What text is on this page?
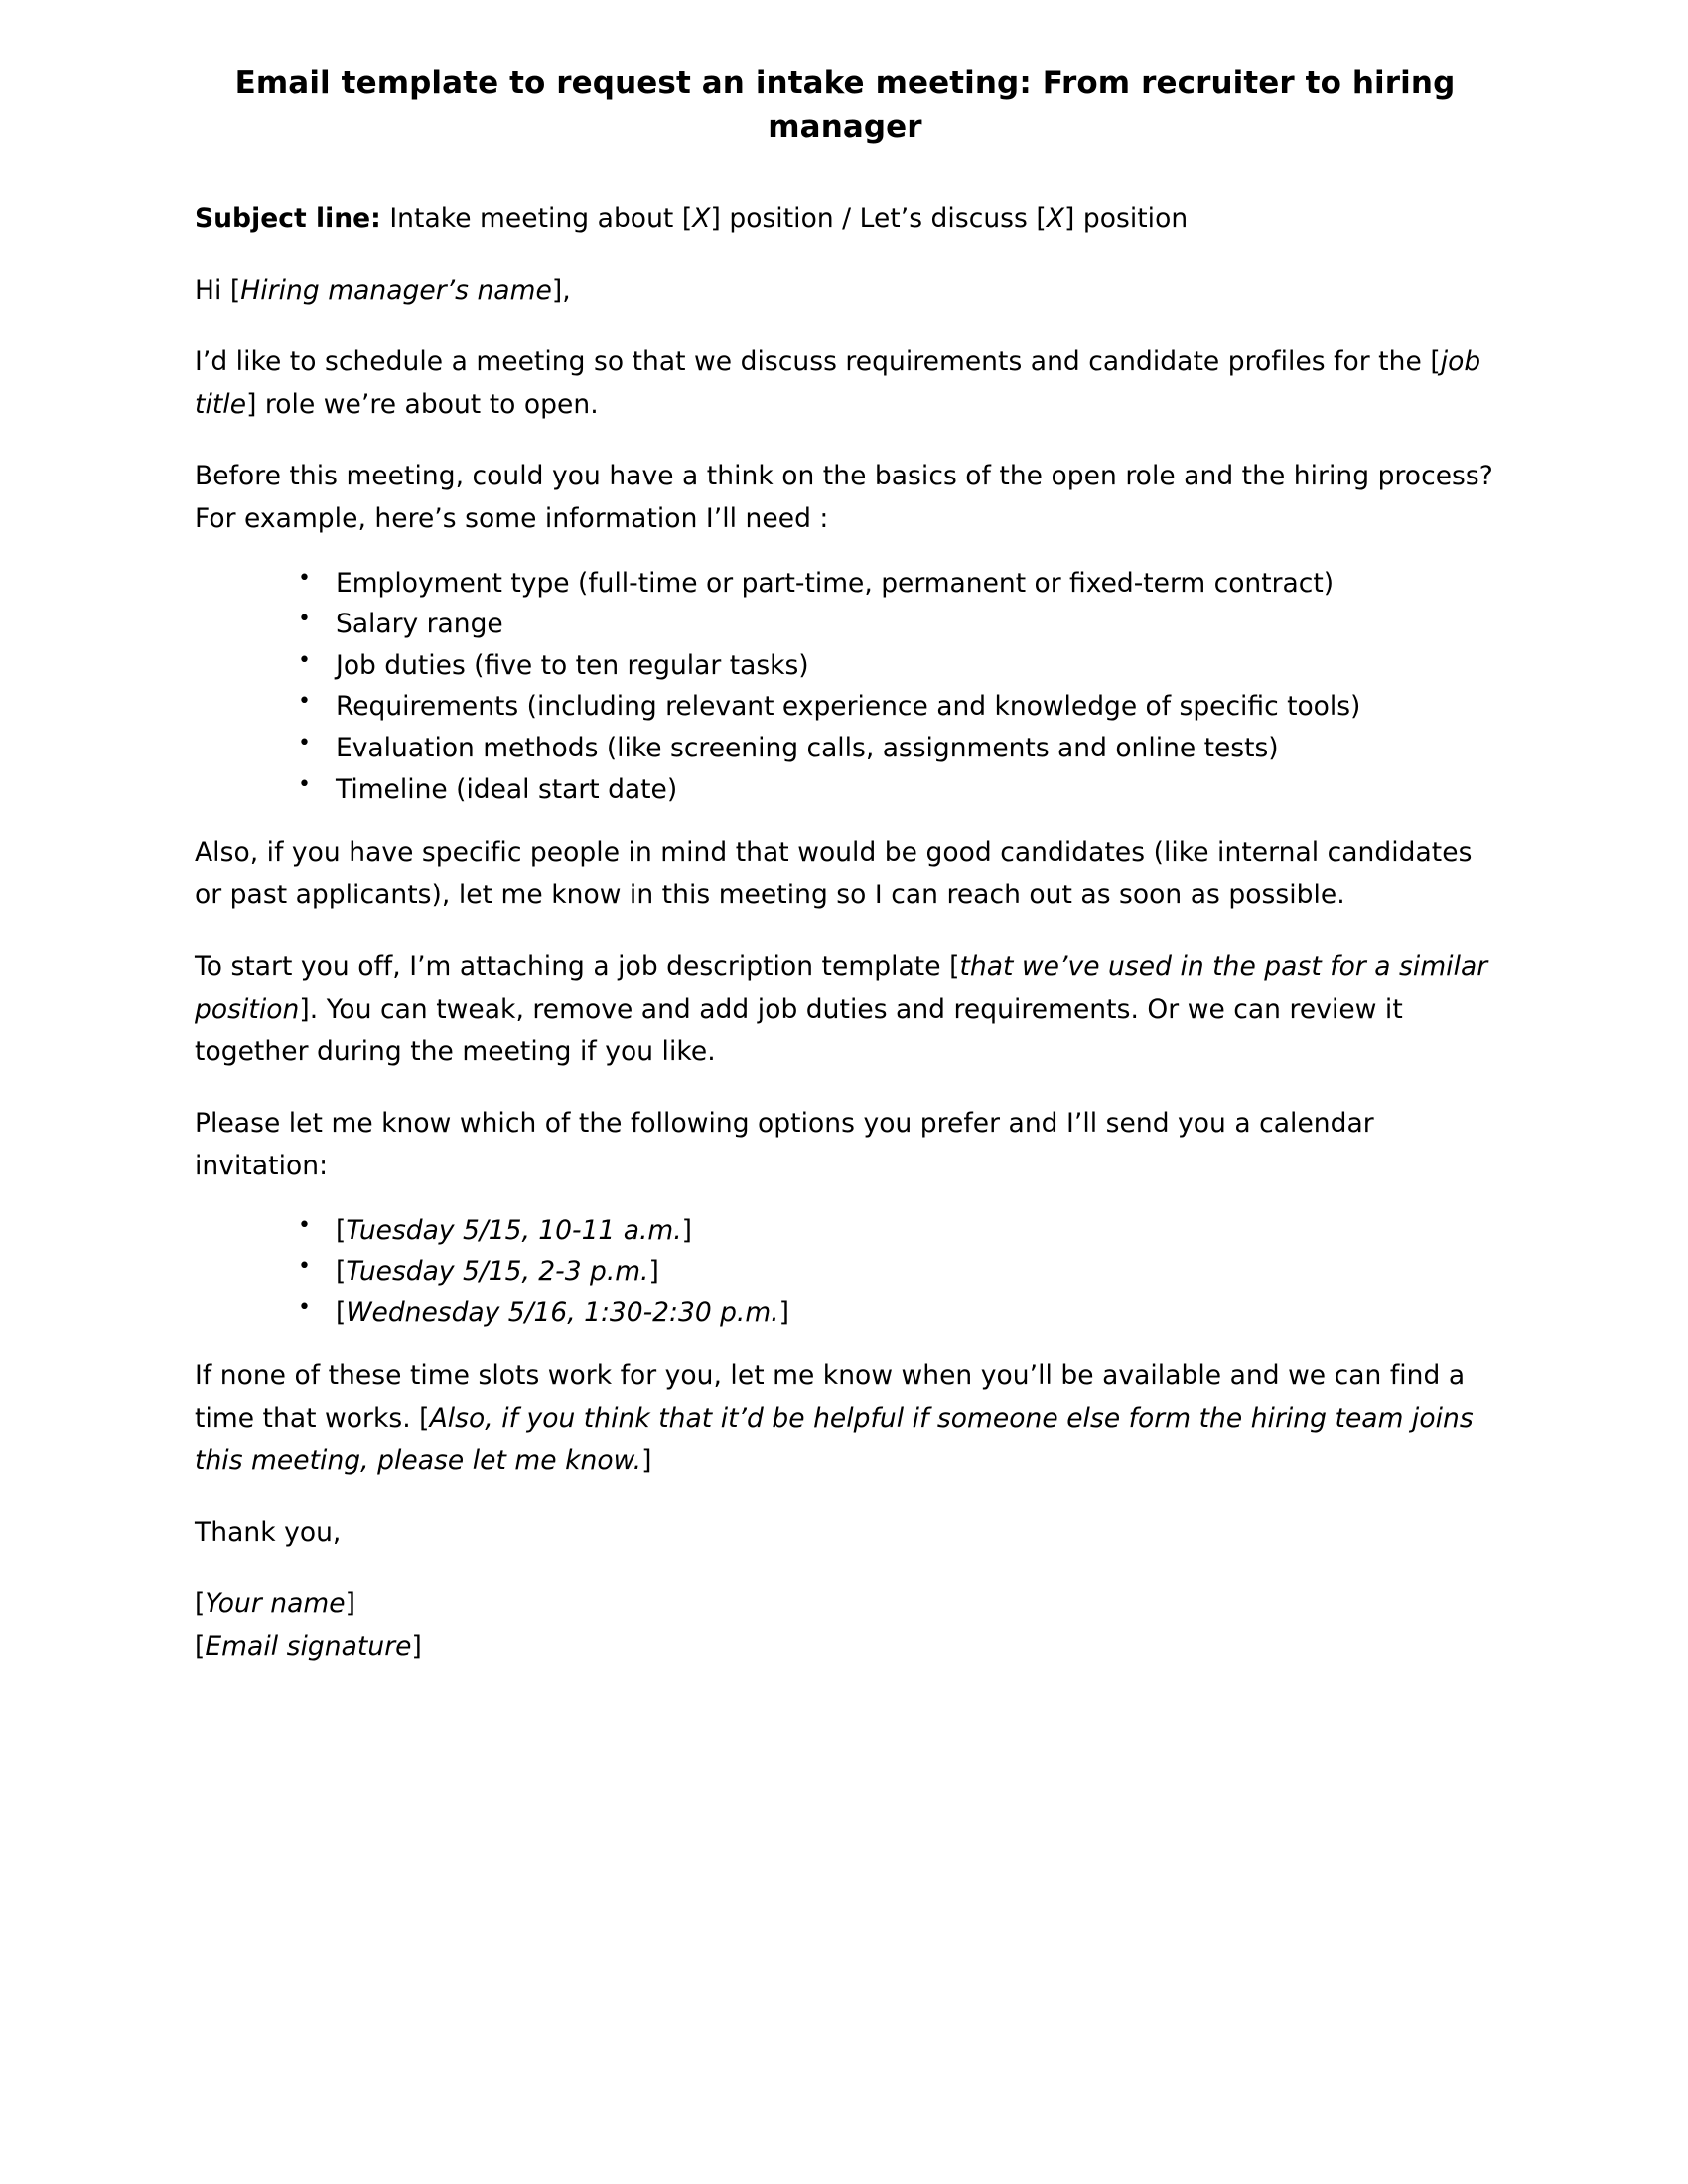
Email template to request an intake meeting: From recruiter to hiring manager

Subject line: Intake meeting about [X] position / Let’s discuss [X] position

Hi [Hiring manager’s name],

I’d like to schedule a meeting so that we discuss requirements and candidate profiles for the [job title] role we’re about to open.

Before this meeting, could you have a think on the basics of the open role and the hiring process? For example, here’s some information I’ll need :

• Employment type (full-time or part-time, permanent or fixed-term contract)
• Salary range
• Job duties (five to ten regular tasks)
• Requirements (including relevant experience and knowledge of specific tools)
• Evaluation methods (like screening calls, assignments and online tests)
• Timeline (ideal start date)

Also, if you have specific people in mind that would be good candidates (like internal candidates or past applicants), let me know in this meeting so I can reach out as soon as possible.

To start you off, I’m attaching a job description template [that we’ve used in the past for a similar position]. You can tweak, remove and add job duties and requirements. Or we can review it together during the meeting if you like.

Please let me know which of the following options you prefer and I’ll send you a calendar invitation:

• [Tuesday 5/15, 10-11 a.m.]
• [Tuesday 5/15, 2-3 p.m.]
• [Wednesday 5/16, 1:30-2:30 p.m.]

If none of these time slots work for you, let me know when you’ll be available and we can find a time that works. [Also, if you think that it’d be helpful if someone else form the hiring team joins this meeting, please let me know.]

Thank you,

[Your name]

[Email signature]
